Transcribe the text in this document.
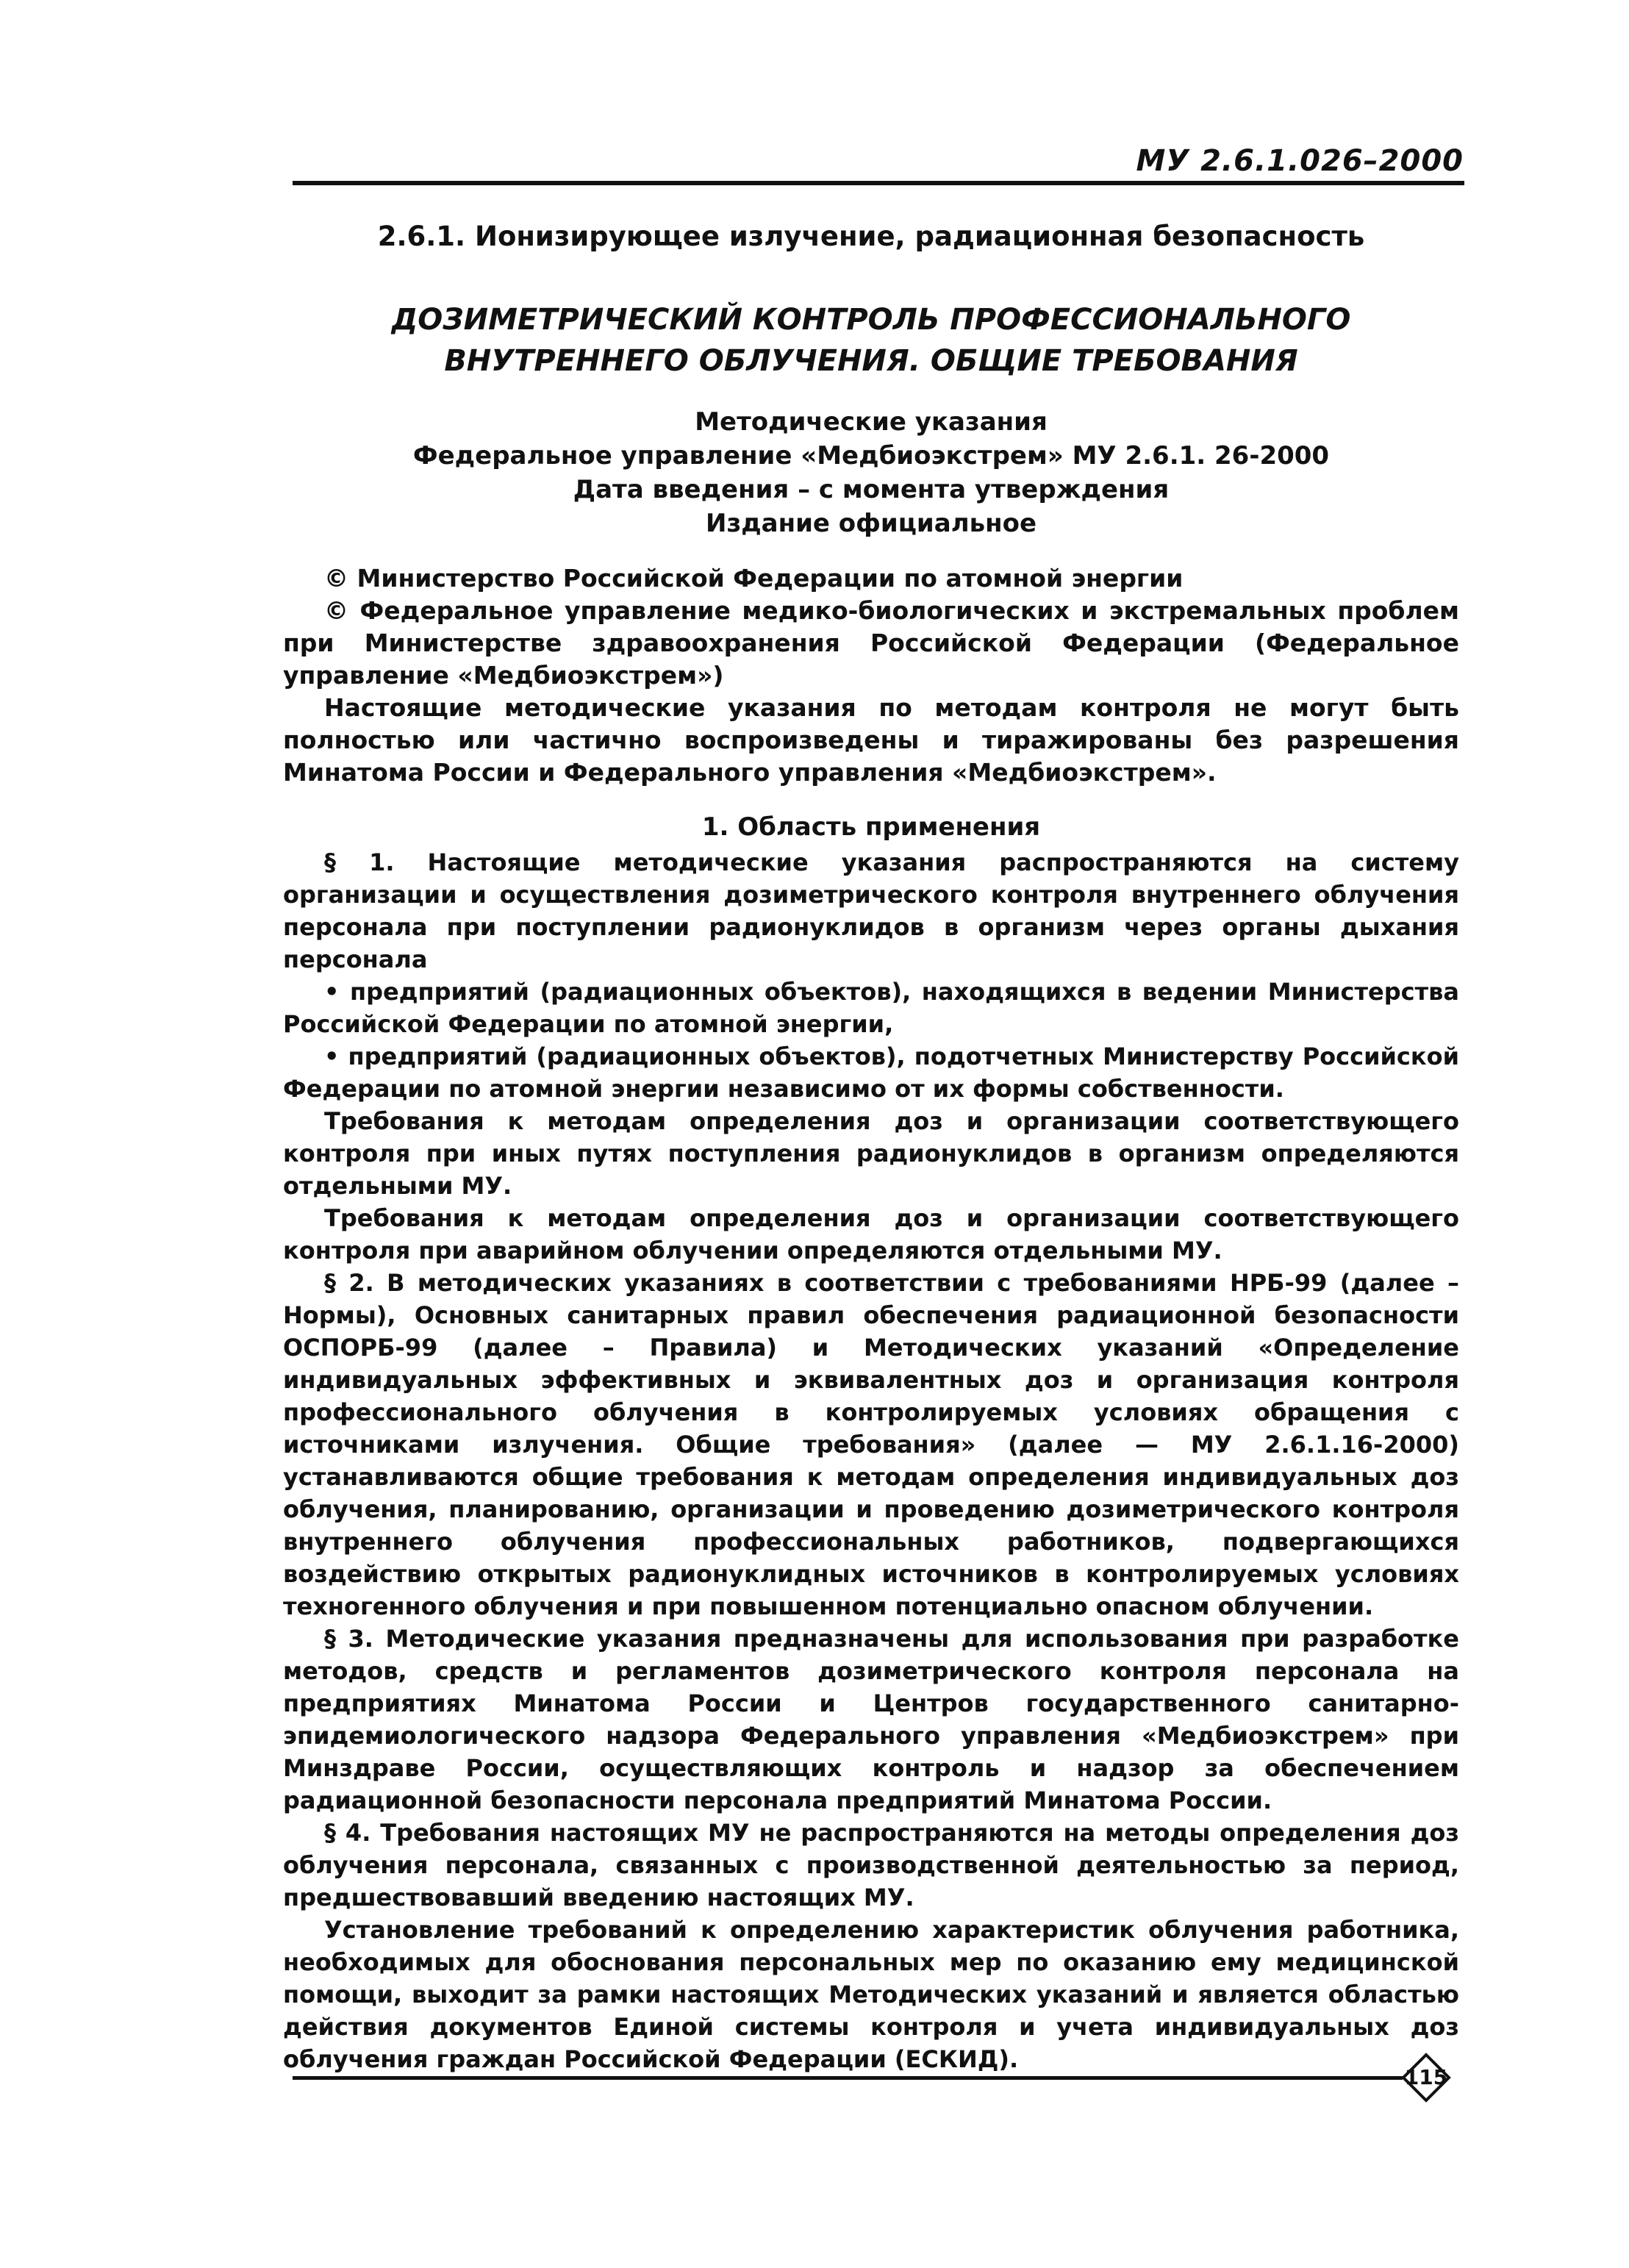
МУ 2.6.1.026–2000

2.6.1. Ионизирующее излучение, радиационная безопасность

ДОЗИМЕТРИЧЕСКИЙ КОНТРОЛЬ ПРОФЕССИОНАЛЬНОГО
ВНУТРЕННЕГО ОБЛУЧЕНИЯ. ОБЩИЕ ТРЕБОВАНИЯ
Методические указания
Федеральное управление «Медбиоэкстрем» МУ 2.6.1. 26-2000
Дата введения – с момента утверждения
Издание официальное

© Министерство Российской Федерации по атомной энергии

© Федеральное управление медико-биологических и экстремальных проблем при Министерстве здравоохранения Российской Федерации (Федеральное управление «Медбиоэкстрем»)

Настоящие методические указания по методам контроля не могут быть полностью или частично воспроизведены и тиражированы без разрешения Минатома России и Федерального управления «Медбиоэкстрем».

1. Область применения

§ 1. Настоящие методические указания распространяются на систему организации и осуществления дозиметрического контроля внутреннего облучения персонала при поступлении радионуклидов в организм через органы дыхания персонала

• предприятий (радиационных объектов), находящихся в ведении Министерства Российской Федерации по атомной энергии,

• предприятий (радиационных объектов), подотчетных Министерству Российской Федерации по атомной энергии независимо от их формы собственности.

Требования к методам определения доз и организации соответствующего контроля при иных путях поступления радионуклидов в организм определяются отдельными МУ.

Требования к методам определения доз и организации соответствующего контроля при аварийном облучении определяются отдельными МУ.

§ 2. В методических указаниях в соответствии с требованиями НРБ-99 (далее – Нормы), Основных санитарных правил обеспечения радиационной безопасности ОСПОРБ-99 (далее – Правила) и Методических указаний «Определение индивидуальных эффективных и эквивалентных доз и организация контроля профессионального облучения в контролируемых условиях обращения с источниками излучения. Общие требования» (далее — МУ 2.6.1.16-2000) устанавливаются общие требования к методам определения индивидуальных доз облучения, планированию, организации и проведению дозиметрического контроля внутреннего облучения профессиональных работников, подвергающихся воздействию открытых радионуклидных источников в контролируемых условиях техногенного облучения и при повышенном потенциально опасном облучении.

§ 3. Методические указания предназначены для использования при разработке методов, средств и регламентов дозиметрического контроля персонала на предприятиях Минатома России и Центров государственного санитарно-эпидемиологического надзора Федерального управления «Медбиоэкстрем» при Минздраве России, осуществляющих контроль и надзор за обеспечением радиационной безопасности персонала предприятий Минатома России.

§ 4. Требования настоящих МУ не распространяются на методы определения доз облучения персонала, связанных с производственной деятельностью за период, предшествовавший введению настоящих МУ.

Установление требований к определению характеристик облучения работника, необходимых для обоснования персональных мер по оказанию ему медицинской помощи, выходит за рамки настоящих Методических указаний и является областью действия документов Единой системы контроля и учета индивидуальных доз облучения граждан Российской Федерации (ЕСКИД).

115
